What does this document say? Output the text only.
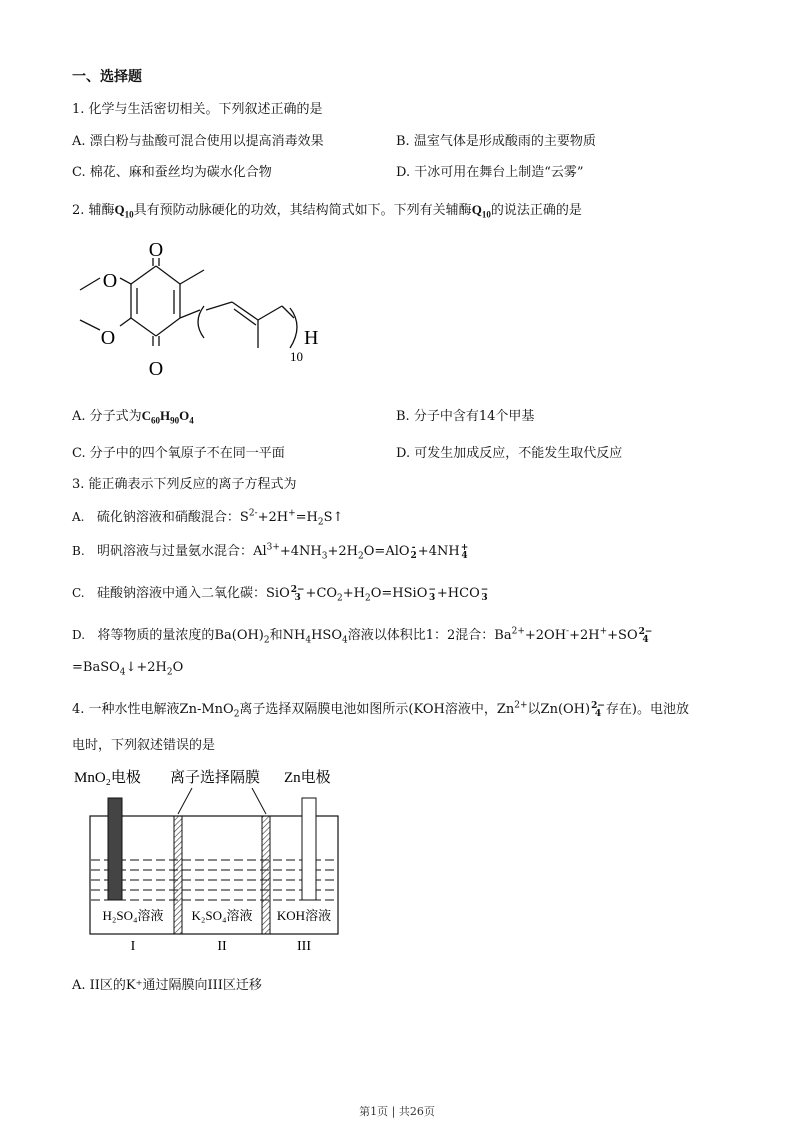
一、选择题
1. 化学与生活密切相关。下列叙述正确的是
A. 漂白粉与盐酸可混合使用以提高消毒效果	B. 温室气体是形成酸雨的主要物质
C. 棉花、麻和蚕丝均为碳水化合物	D. 干冰可用在舞台上制造“云雾”
2. 辅酶$Q_{10}$具有预防动脉硬化的功效，其结构简式如下。下列有关辅酶$Q_{10}$的说法正确的是
O
O
O
O	H
10
A. 分子式为$C_{60}H_{90}O_4$	B. 分子中含有14个甲基
C. 分子中的四个氧原子不在同一平面	D. 可发生加成反应，不能发生取代反应
3. 能正确表示下列反应的离子方程式为
A. 硫化钠溶液和硝酸混合：$S^{2-}+2H^+=H_2S↑$
B. 明矾溶液与过量氨水混合：$Al^{3+}+4NH_3+2H_2O=AlO$ -
2 +4NH +
4
C. 硅酸钠溶液中通入二氧化碳：SiO 2−
$3 +CO_2+H_2O=HSiO$ −
3 +HCO −
3
D. 将等物质的量浓度的$Ba(OH)_2$和$NH_4HSO_4$溶液以体积比1：2混合：$Ba^{2+}+2OH^-+2H^++SO$ 2−
4
$=BaSO_4↓+2H_2O$
4. 一种水性电解液Zn-MnO$_2$离子选择双隔膜电池如图所示(KOH溶液中，$Zn^{2+}$以Zn(OH) 2−
4 存在)。电池放
电时，下列叙述错误的是
MnO₂电极 离子选择隔膜 Zn电极
H₂SO₄溶液 K₂SO₄溶液 KOH溶液
I	II	III
A. II区的K⁺通过隔膜向III区迁移
第1页 | 共26页
